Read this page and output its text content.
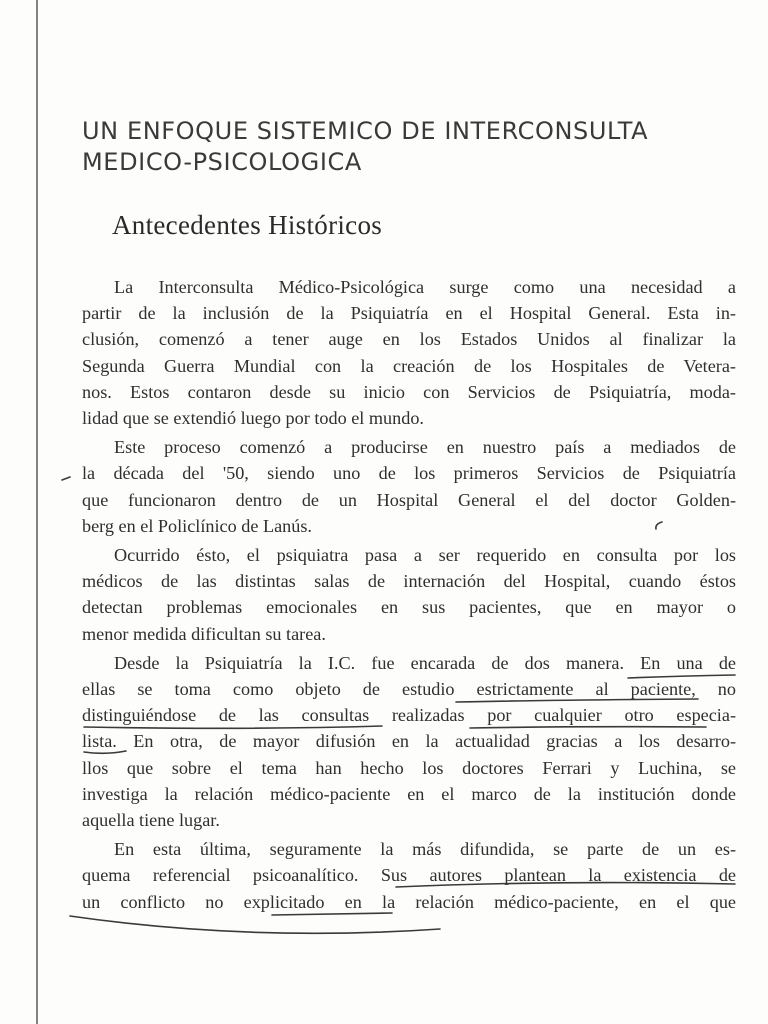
UN ENFOQUE SISTEMICO DE INTERCONSULTA
MEDICO-PSICOLOGICA
Antecedentes Históricos

La Interconsulta Médico-Psicológica surge como una necesidad a
partir de la inclusión de la Psiquiatría en el Hospital General. Esta in-
clusión, comenzó a tener auge en los Estados Unidos al finalizar la
Segunda Guerra Mundial con la creación de los Hospitales de Vetera-
nos. Estos contaron desde su inicio con Servicios de Psiquiatría, moda-
lidad que se extendió luego por todo el mundo.

Este proceso comenzó a producirse en nuestro país a mediados de
la década del '50, siendo uno de los primeros Servicios de Psiquiatría
que funcionaron dentro de un Hospital General el del doctor Golden-
berg en el Policlínico de Lanús.

Ocurrido ésto, el psiquiatra pasa a ser requerido en consulta por los
médicos de las distintas salas de internación del Hospital, cuando éstos
detectan problemas emocionales en sus pacientes, que en mayor o
menor medida dificultan su tarea.

Desde la Psiquiatría la I.C. fue encarada de dos manera. En una de
ellas se toma como objeto de estudio estrictamente al paciente, no
distinguiéndose de las consultas realizadas por cualquier otro especia-
lista. En otra, de mayor difusión en la actualidad gracias a los desarro-
llos que sobre el tema han hecho los doctores Ferrari y Luchina, se
investiga la relación médico-paciente en el marco de la institución donde
aquella tiene lugar.

En esta última, seguramente la más difundida, se parte de un es-
quema referencial psicoanalítico. Sus autores plantean la existencia de
un conflicto no explicitado en la relación médico-paciente, en el que
